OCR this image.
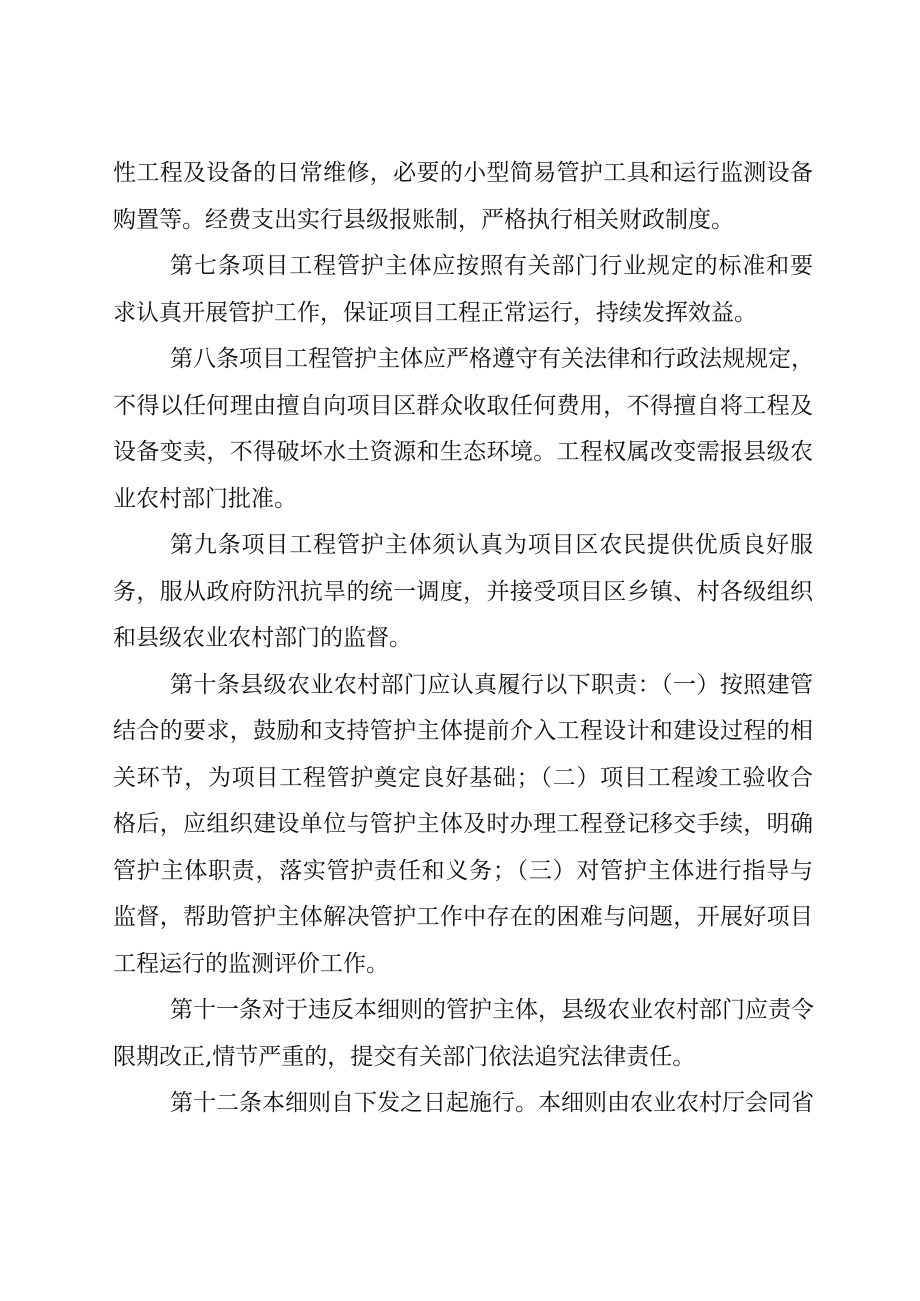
性工程及设备的日常维修，必要的小型简易管护工具和运行监测设备
购置等。经费支出实行县级报账制，严格执行相关财政制度。
第七条项目工程管护主体应按照有关部门行业规定的标准和要
求认真开展管护工作，保证项目工程正常运行，持续发挥效益。
第八条项目工程管护主体应严格遵守有关法律和行政法规规定，
不得以任何理由擅自向项目区群众收取任何费用，不得擅自将工程及
设备变卖，不得破坏水土资源和生态环境。工程权属改变需报县级农
业农村部门批准。
第九条项目工程管护主体须认真为项目区农民提供优质良好服
务，服从政府防汛抗旱的统一调度，并接受项目区乡镇、村各级组织
和县级农业农村部门的监督。
第十条县级农业农村部门应认真履行以下职责：（一）按照建管
结合的要求，鼓励和支持管护主体提前介入工程设计和建设过程的相
关环节，为项目工程管护奠定良好基础；（二）项目工程竣工验收合
格后，应组织建设单位与管护主体及时办理工程登记移交手续，明确
管护主体职责，落实管护责任和义务；（三）对管护主体进行指导与
监督，帮助管护主体解决管护工作中存在的困难与问题，开展好项目
工程运行的监测评价工作。
第十一条对于违反本细则的管护主体，县级农业农村部门应责令
限期改正,情节严重的，提交有关部门依法追究法律责任。
第十二条本细则自下发之日起施行。本细则由农业农村厅会同省
